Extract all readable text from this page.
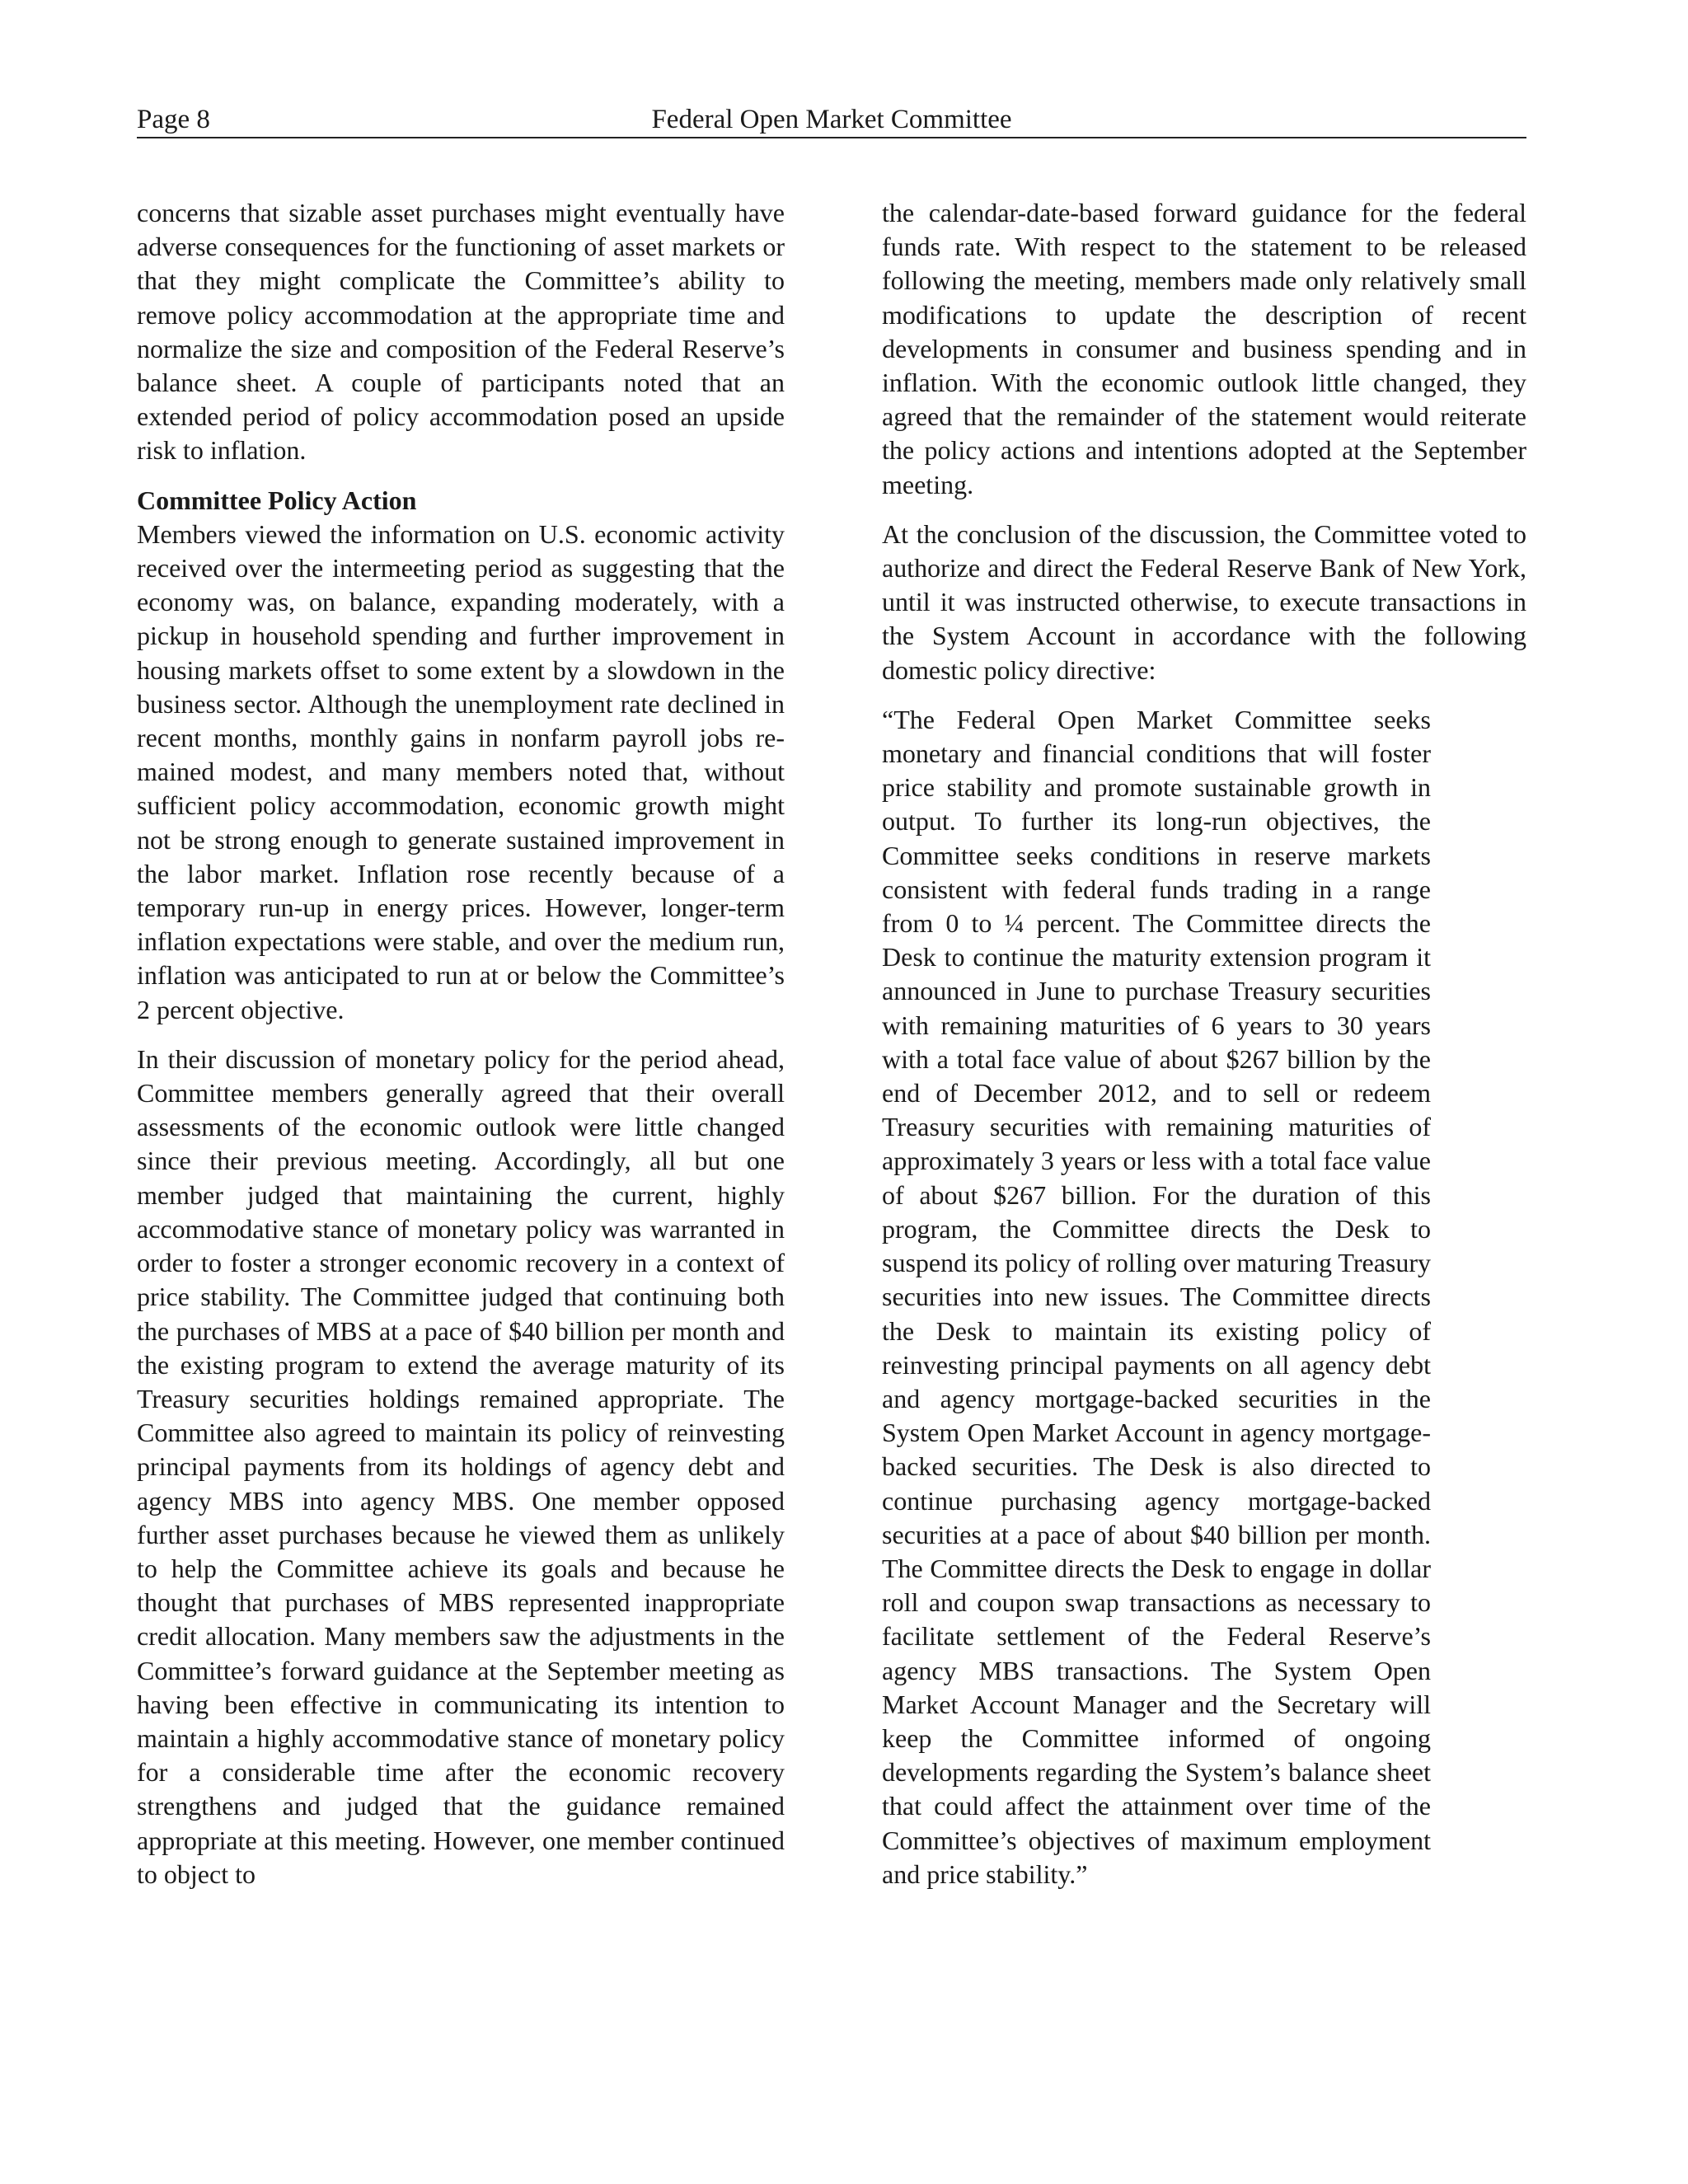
Page 8	Federal Open Market Committee

concerns that sizable asset purchases might eventually have adverse consequences for the functioning of asset markets or that they might complicate the Committee’s ability to remove policy accommodation at the appropriate time and normalize the size and composition of the Federal Reserve’s balance sheet. A couple of participants noted that an extended period of policy accommodation posed an upside risk to inflation.

Committee Policy Action

Members viewed the information on U.S. economic activity received over the intermeeting period as suggesting that the economy was, on balance, expanding moderately, with a pickup in household spending and further improvement in housing markets offset to some extent by a slowdown in the business sector. Although the unemployment rate declined in recent months, monthly gains in nonfarm payroll jobs remained modest, and many members noted that, without sufficient policy accommodation, economic growth might not be strong enough to generate sustained improvement in the labor market. Inflation rose recently because of a temporary run-up in energy prices. However, longer-term inflation expectations were stable, and over the medium run, inflation was anticipated to run at or below the Committee’s 2 percent objective.

In their discussion of monetary policy for the period ahead, Committee members generally agreed that their overall assessments of the economic outlook were little changed since their previous meeting. Accordingly, all but one member judged that maintaining the current, highly accommodative stance of monetary policy was warranted in order to foster a stronger economic recovery in a context of price stability. The Committee judged that continuing both the purchases of MBS at a pace of $40 billion per month and the existing program to extend the average maturity of its Treasury securities holdings remained appropriate. The Committee also agreed to maintain its policy of reinvesting principal payments from its holdings of agency debt and agency MBS into agency MBS. One member opposed further asset purchases because he viewed them as unlikely to help the Committee achieve its goals and because he thought that purchases of MBS represented inappropriate credit allocation. Many members saw the adjustments in the Committee’s forward guidance at the September meeting as having been effective in communicating its intention to maintain a highly accommodative stance of monetary policy for a considerable time after the economic recovery strengthens and judged that the guidance remained appropriate at this meeting. However, one member continued to object to

the calendar-date-based forward guidance for the federal funds rate. With respect to the statement to be released following the meeting, members made only relatively small modifications to update the description of recent developments in consumer and business spending and in inflation. With the economic outlook little changed, they agreed that the remainder of the statement would reiterate the policy actions and intentions adopted at the September meeting.

At the conclusion of the discussion, the Committee voted to authorize and direct the Federal Reserve Bank of New York, until it was instructed otherwise, to execute transactions in the System Account in accordance with the following domestic policy directive:

“The Federal Open Market Committee seeks monetary and financial conditions that will foster price stability and promote sustainable growth in output. To further its long-run objectives, the Committee seeks conditions in reserve markets consistent with federal funds trading in a range from 0 to ¼ percent. The Committee directs the Desk to continue the maturity extension program it announced in June to purchase Treasury securities with remaining maturities of 6 years to 30 years with a total face value of about $267 billion by the end of December 2012, and to sell or redeem Treasury securities with remaining maturities of approximately 3 years or less with a total face value of about $267 billion. For the duration of this program, the Committee directs the Desk to suspend its policy of rolling over maturing Treasury securities into new issues. The Committee directs the Desk to maintain its existing policy of reinvesting principal payments on all agency debt and agency mortgage-backed securities in the System Open Market Account in agency mortgage-backed securities. The Desk is also directed to continue purchasing agency mortgage-backed securities at a pace of about $40 billion per month. The Committee directs the Desk to engage in dollar roll and coupon swap transactions as necessary to facilitate settlement of the Federal Reserve’s agency MBS transactions. The System Open Market Account Manager and the Secretary will keep the Committee informed of ongoing developments regarding the System’s balance sheet that could affect the attainment over time of the Committee’s objectives of maximum employment and price stability.”
